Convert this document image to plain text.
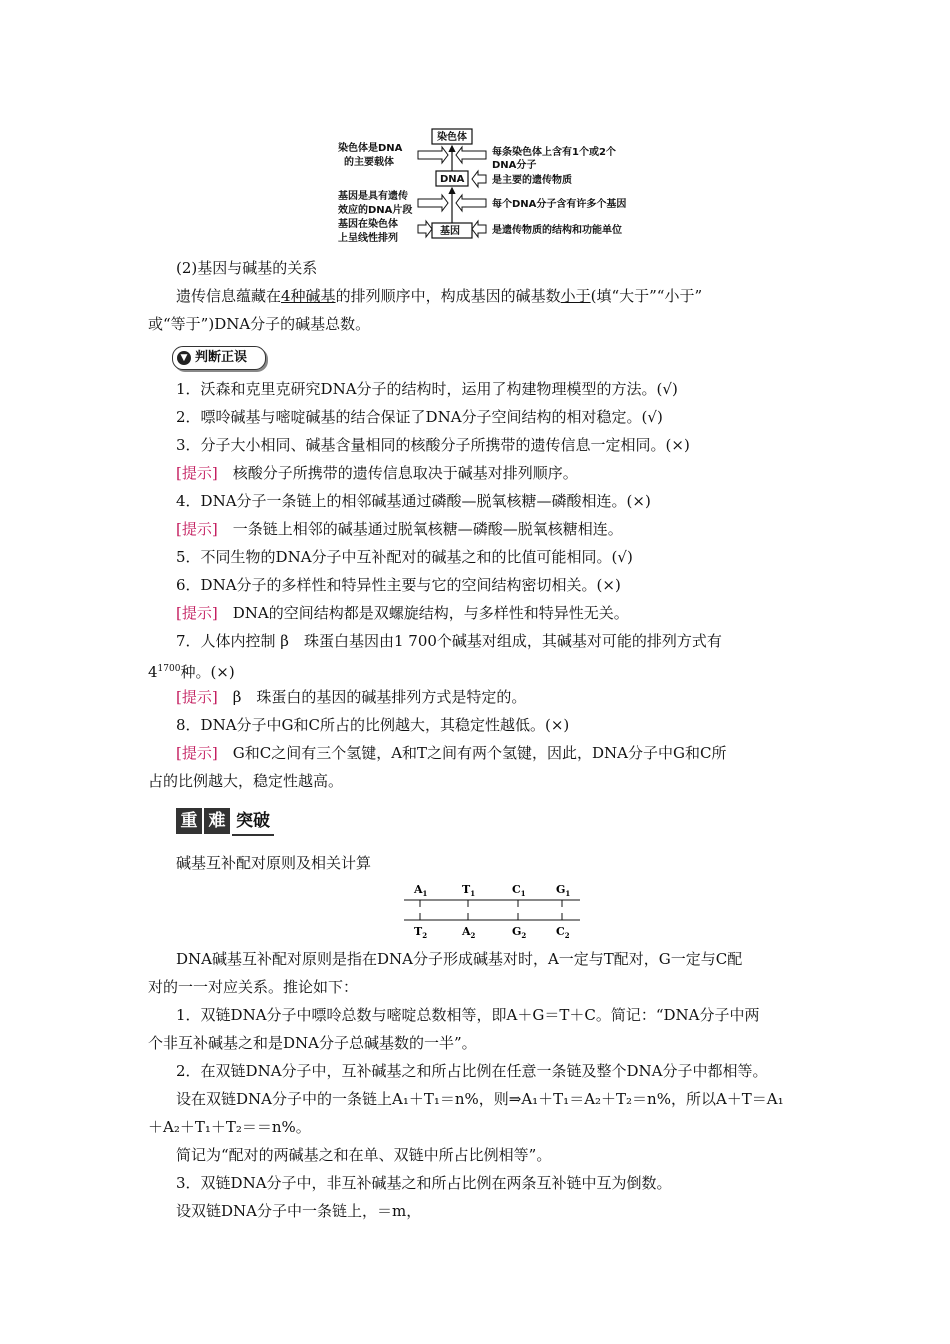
染色体
DNA
基因
染色体是DNA
的主要载体
基因是具有遗传
效应的DNA片段
基因在染色体
上呈线性排列
每条染色体上含有1个或2个
DNA分子
是主要的遗传物质
每个DNA分子含有许多个基因
是遗传物质的结构和功能单位
(2)基因与碱基的关系
遗传信息蕴藏在4种碱基的排列顺序中，构成基因的碱基数小于(填“大于”“小于”
或“等于”)DNA分子的碱基总数。
▼ 判断正误
1．沃森和克里克研究DNA分子的结构时，运用了构建物理模型的方法。(√)
2．嘌呤碱基与嘧啶碱基的结合保证了DNA分子空间结构的相对稳定。(√)
3．分子大小相同、碱基含量相同的核酸分子所携带的遗传信息一定相同。(×)
[提示]　 核酸分子所携带的遗传信息取决于碱基对排列顺序。
4．DNA分子一条链上的相邻碱基通过磷酸—脱氧核糖—磷酸相连。(×)
[提示]　 一条链上相邻的碱基通过脱氧核糖—磷酸—脱氧核糖相连。
5．不同生物的DNA分子中互补配对的碱基之和的比值可能相同。(√)
6．DNA分子的多样性和特异性主要与它的空间结构密切相关。(×)
[提示]　 DNA的空间结构都是双螺旋结构，与多样性和特异性无关。
7．人体内控制 β　珠蛋白基因由1 700个碱基对组成，其碱基对可能的排列方式有
$4^{1700}$种。(×)
[提示]　 β　珠蛋白的基因的碱基排列方式是特定的。
8．DNA分子中G和C所占的比例越大，其稳定性越低。(×)
[提示]　 G和C之间有三个氢键，A和T之间有两个氢键，因此，DNA分子中G和C所
占的比例越大，稳定性越高。
重 难 突破
碱基互补配对原则及相关计算
$A_1$
$T_2$
$T_1$
$A_2$
$C_1$
$G_2$
$G_1$
$C_2$
DNA碱基互补配对原则是指在DNA分子形成碱基对时，A一定与T配对，G一定与C配
对的一一对应关系。推论如下：
1．双链DNA分子中嘌呤总数与嘧啶总数相等，即A＋G＝T＋C。简记：“DNA分子中两
个非互补碱基之和是DNA分子总碱基数的一半”。
2．在双链DNA分子中，互补碱基之和所占比例在任意一条链及整个DNA分子中都相等。
设在双链DNA分子中的一条链上A₁＋T₁＝n%，则⇒A₁＋T₁＝A₂＋T₂＝n%，所以A＋T＝A₁
＋A₂＋T₁＋T₂＝＝n%。
简记为“配对的两碱基之和在单、双链中所占比例相等”。
3．双链DNA分子中，非互补碱基之和所占比例在两条互补链中互为倒数。
设双链DNA分子中一条链上，＝m，
